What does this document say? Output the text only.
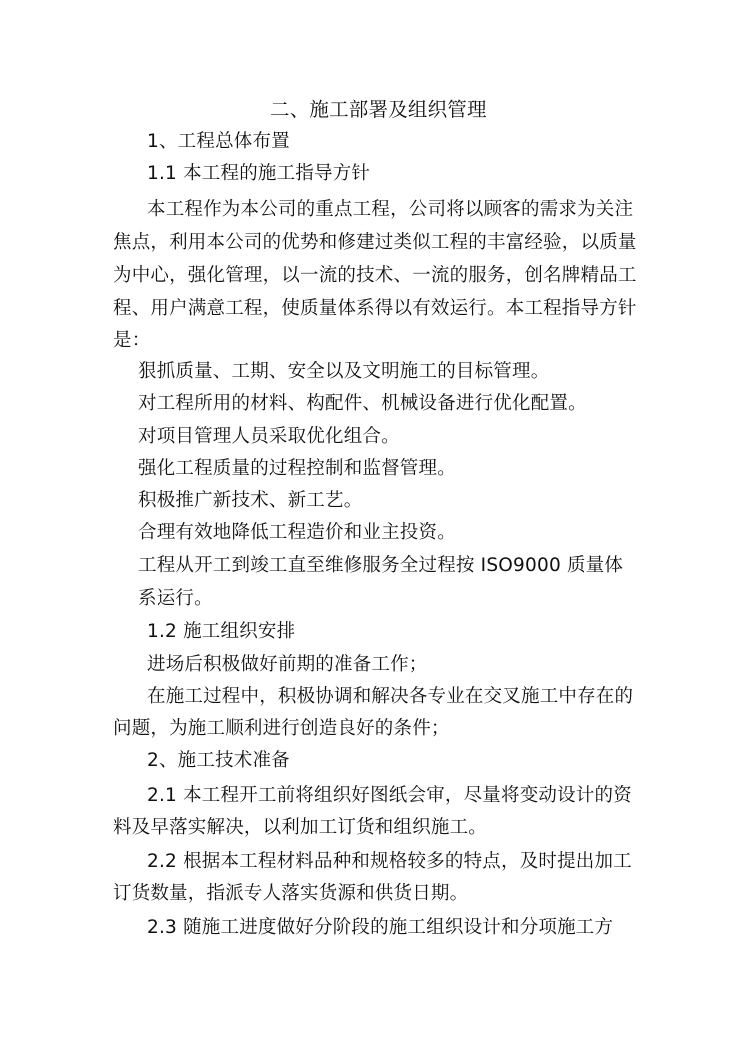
二、施工部署及组织管理
1、工程总体布置
1.1 本工程的施工指导方针
本工程作为本公司的重点工程，公司将以顾客的需求为关注
焦点，利用本公司的优势和修建过类似工程的丰富经验，以质量
为中心，强化管理，以一流的技术、一流的服务，创名牌精品工
程、用户满意工程，使质量体系得以有效运行。本工程指导方针
是：
狠抓质量、工期、安全以及文明施工的目标管理。
对工程所用的材料、构配件、机械设备进行优化配置。
对项目管理人员采取优化组合。
强化工程质量的过程控制和监督管理。
积极推广新技术、新工艺。
合理有效地降低工程造价和业主投资。
工程从开工到竣工直至维修服务全过程按 ISO9000 质量体
系运行。
1.2 施工组织安排
进场后积极做好前期的准备工作；
在施工过程中，积极协调和解决各专业在交叉施工中存在的
问题，为施工顺利进行创造良好的条件；
2、施工技术准备
2.1 本工程开工前将组织好图纸会审，尽量将变动设计的资
料及早落实解决，以利加工订货和组织施工。
2.2 根据本工程材料品种和规格较多的特点，及时提出加工
订货数量，指派专人落实货源和供货日期。
2.3 随施工进度做好分阶段的施工组织设计和分项施工方
